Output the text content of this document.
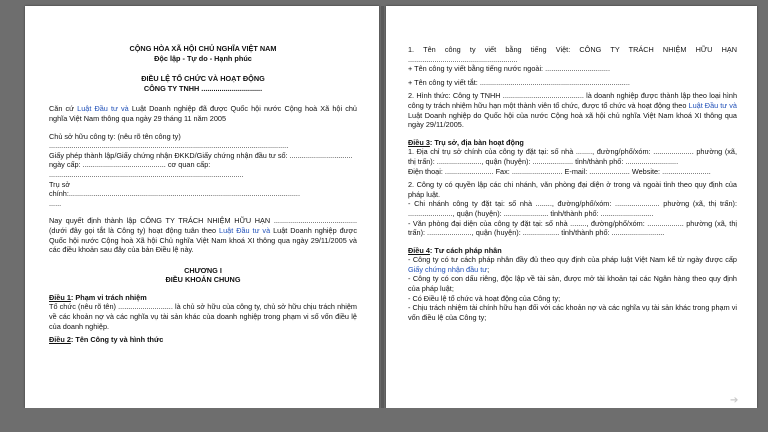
CỘNG HÒA XÃ HỘI CHỦ NGHĨA VIỆT NAM

Độc lập - Tự do - Hạnh phúc

ĐIỀU LỆ TỔ CHỨC VÀ HOẠT ĐỘNG

CÔNG TY TNHH ..............................

Căn cứ Luật Đầu tư và Luật Doanh nghiệp đã được Quốc hội nước Cộng hoà Xã hội chủ nghĩa Việt Nam thông qua ngày 29 tháng 11 năm 2005

Chủ sở hữu công ty: (nêu rõ tên công ty)

......................................................................................................................

Giấy phép thành lập/Giấy chứng nhận ĐKKD/Giấy chứng nhận đầu tư số: ............................... ngày cấp: ......................................... cơ quan cấp: ................................................................................................

Trụ sở

chính:..................................................................................................................

......

Nay quyết định thành lập CÔNG TY TRÁCH NHIỆM HỮU HẠN ......................................... (dưới đây gọi tắt là Công ty) hoạt động tuân theo Luật Đầu tư và Luật Doanh nghiệp được Quốc hội nước Cộng hoà Xã hội Chủ nghĩa Việt Nam khoá XI thông qua ngày 29/11/2005 và các điều khoản sau đây của bản Điều lệ này.

CHƯƠNG I

ĐIỀU KHOẢN CHUNG

Điều 1: Phạm vi trách nhiệm

Tổ chức (nêu rõ tên) ........................... là chủ sở hữu của công ty, chủ sở hữu chịu trách nhiệm về các khoản nợ và các nghĩa vụ tài sản khác của doanh nghiệp trong phạm vi số vốn điều lệ của doanh nghiệp.

Điều 2: Tên Công ty và hình thức

1. Tên công ty viết bằng tiếng Việt: CÔNG TY TRÁCH NHIỆM HỮU HẠN ......................................................

+ Tên công ty viết bằng tiếng nước ngoài: ................................

+ Tên công ty viết tắt: ..........................................................................

2. Hình thức: Công ty TNHH ........................................ là doanh nghiệp được thành lập theo loại hình công ty trách nhiệm hữu hạn một thành viên tổ chức, được tổ chức và hoạt động theo Luật Đầu tư và Luật Doanh nghiệp do Quốc hội của nước Cộng hoà xã hội chủ nghĩa Việt Nam khoá XI thông qua ngày 29/11/2005.

Điều 3: Trụ sở, địa bàn hoạt động

1. Địa chỉ trụ sở chính của công ty đặt tại: số nhà ........, đường/phố/xóm: .................... phường (xã, thị trấn): ......................, quận (huyện): .................... tỉnh/thành phố: ..........................

Điện thoại: ........................ Fax: ......................... E-mail: .................... Website: ........................

2. Công ty có quyền lập các chi nhánh, văn phòng đại diện ở trong và ngoài tỉnh theo quy định của pháp luật.

- Chi nhánh công ty đặt tại: số nhà ........, đường/phố/xóm: ...................... phường (xã, thị trấn): ......................, quận (huyện): ...................... tỉnh/thành phố: ..........................

- Văn phòng đại diện của công ty đặt tại: số nhà ........, đường/phố/xóm: .................. phường (xã, thị trấn): ......................, quận (huyện): .................. tỉnh/thành phố: ..........................

Điều 4: Tư cách pháp nhân

- Công ty có tư cách pháp nhân đầy đủ theo quy định của pháp luật Việt Nam kể từ ngày được cấp Giấy chứng nhận đầu tư;

- Công ty có con dấu riêng, độc lập về tài sản, được mở tài khoản tại các Ngân hàng theo quy định của pháp luật;

- Có Điều lệ tổ chức và hoạt động của Công ty;

- Chịu trách nhiệm tài chính hữu hạn đối với các khoản nợ và các nghĩa vụ tài sản khác trong phạm vi vốn điều lệ của Công ty;

➔
